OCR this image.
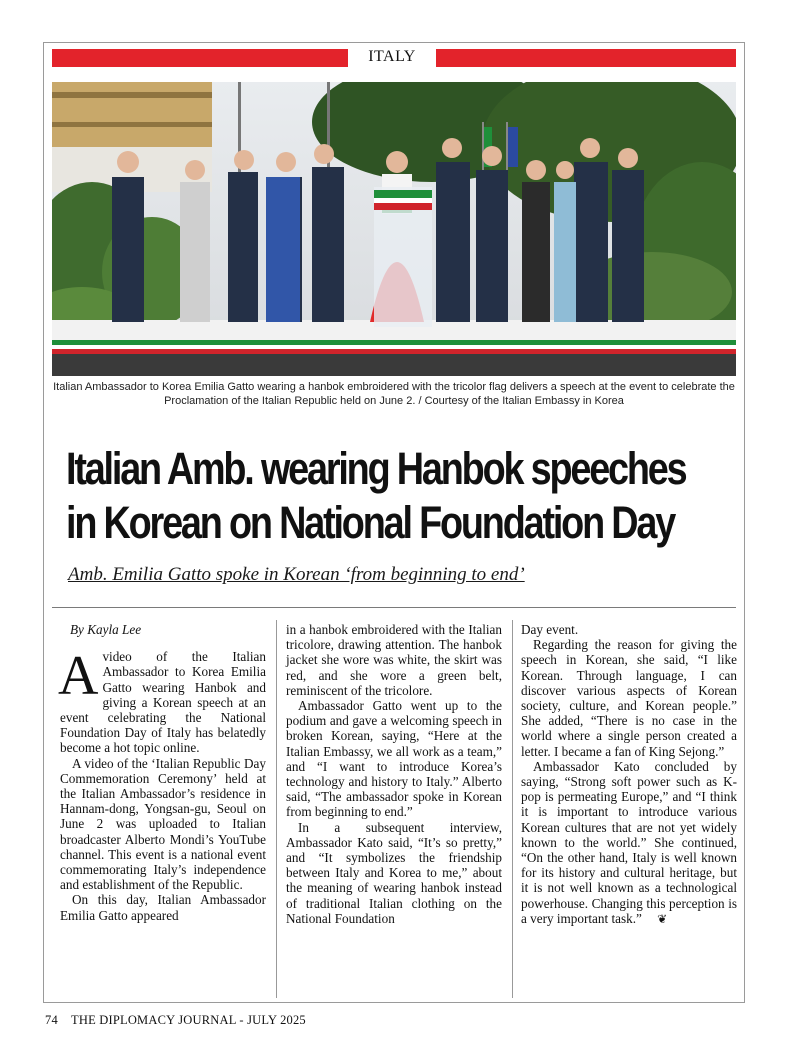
ITALY
Italian Ambassador to Korea Emilia Gatto wearing a hanbok embroidered with the tricolor flag delivers a speech at the event to celebrate the Proclamation of the Italian Republic held on June 2. / Courtesy of the Italian Embassy in Korea
Italian Amb. wearing Hanbok speeches
in Korean on National Foundation Day
Amb. Emilia Gatto spoke in Korean ‘from beginning to end’

By Kayla Lee

A video of the Italian Ambassador to Korea Emilia Gatto wearing Hanbok and giving a Korean speech at an event celebrating the National Foundation Day of Italy has belatedly become a hot topic online.

A video of the ‘Italian Republic Day Commemoration Ceremony’ held at the Italian Ambassador’s residence in Hannam-dong, Yongsan-gu, Seoul on June 2 was uploaded to Italian broadcaster Alberto Mondi’s YouTube channel. This event is a national event commemorating Italy’s independence and establishment of the Republic.

On this day, Italian Ambassador Emilia Gatto appeared

in a hanbok embroidered with the Italian tricolore, drawing attention. The hanbok jacket she wore was white, the skirt was red, and she wore a green belt, reminiscent of the tricolore.

Ambassador Gatto went up to the podium and gave a welcoming speech in broken Korean, saying, “Here at the Italian Embassy, we all work as a team,” and “I want to introduce Korea’s technology and history to Italy.” Alberto said, “The ambassador spoke in Korean from beginning to end.”

In a subsequent interview, Ambassador Kato said, “It’s so pretty,” and “It symbolizes the friendship between Italy and Korea to me,” about the meaning of wearing hanbok instead of traditional Italian clothing on the National Foundation

Day event.

Regarding the reason for giving the speech in Korean, she said, “I like Korean. Through language, I can discover various aspects of Korean society, culture, and Korean people.” She added, “There is no case in the world where a single person created a letter. I became a fan of King Sejong.”

Ambassador Kato concluded by saying, “Strong soft power such as K-pop is permeating Europe,” and “I think it is important to introduce various Korean cultures that are not yet widely known to the world.” She continued, “On the other hand, Italy is well known for its history and cultural heritage, but it is not well known as a technological powerhouse. Changing this perception is a very important task.” ❦

74 THE DIPLOMACY JOURNAL - JULY 2025
